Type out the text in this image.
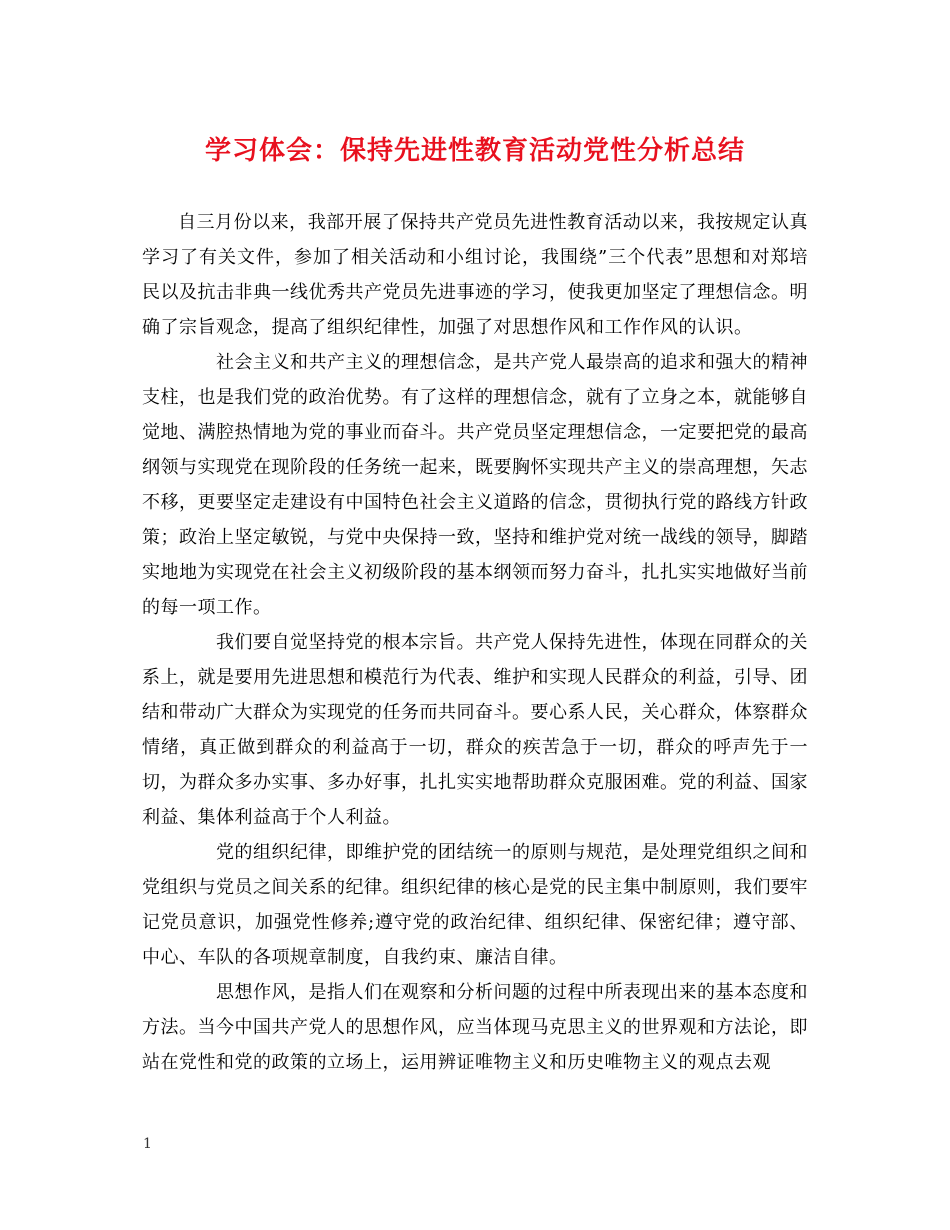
学习体会：保持先进性教育活动党性分析总结

自三月份以来，我部开展了保持共产党员先进性教育活动以来，我按规定认真学习了有关文件，参加了相关活动和小组讨论，我围绕”三个代表”思想和对郑培民以及抗击非典一线优秀共产党员先进事迹的学习，使我更加坚定了理想信念。明确了宗旨观念，提高了组织纪律性，加强了对思想作风和工作作风的认识。

社会主义和共产主义的理想信念，是共产党人最崇高的追求和强大的精神支柱，也是我们党的政治优势。有了这样的理想信念，就有了立身之本，就能够自觉地、满腔热情地为党的事业而奋斗。共产党员坚定理想信念，一定要把党的最高纲领与实现党在现阶段的任务统一起来，既要胸怀实现共产主义的崇高理想，矢志不移，更要坚定走建设有中国特色社会主义道路的信念，贯彻执行党的路线方针政策；政治上坚定敏锐，与党中央保持一致，坚持和维护党对统一战线的领导，脚踏实地地为实现党在社会主义初级阶段的基本纲领而努力奋斗，扎扎实实地做好当前的每一项工作。

我们要自觉坚持党的根本宗旨。共产党人保持先进性，体现在同群众的关系上，就是要用先进思想和模范行为代表、维护和实现人民群众的利益，引导、团结和带动广大群众为实现党的任务而共同奋斗。要心系人民，关心群众，体察群众情绪，真正做到群众的利益高于一切，群众的疾苦急于一切，群众的呼声先于一切，为群众多办实事、多办好事，扎扎实实地帮助群众克服困难。党的利益、国家利益、集体利益高于个人利益。

党的组织纪律，即维护党的团结统一的原则与规范，是处理党组织之间和党组织与党员之间关系的纪律。组织纪律的核心是党的民主集中制原则，我们要牢记党员意识，加强党性修养;遵守党的政治纪律、组织纪律、保密纪律；遵守部、中心、车队的各项规章制度，自我约束、廉洁自律。

思想作风，是指人们在观察和分析问题的过程中所表现出来的基本态度和方法。当今中国共产党人的思想作风，应当体现马克思主义的世界观和方法论，即站在党性和党的政策的立场上，运用辨证唯物主义和历史唯物主义的观点去观

1
